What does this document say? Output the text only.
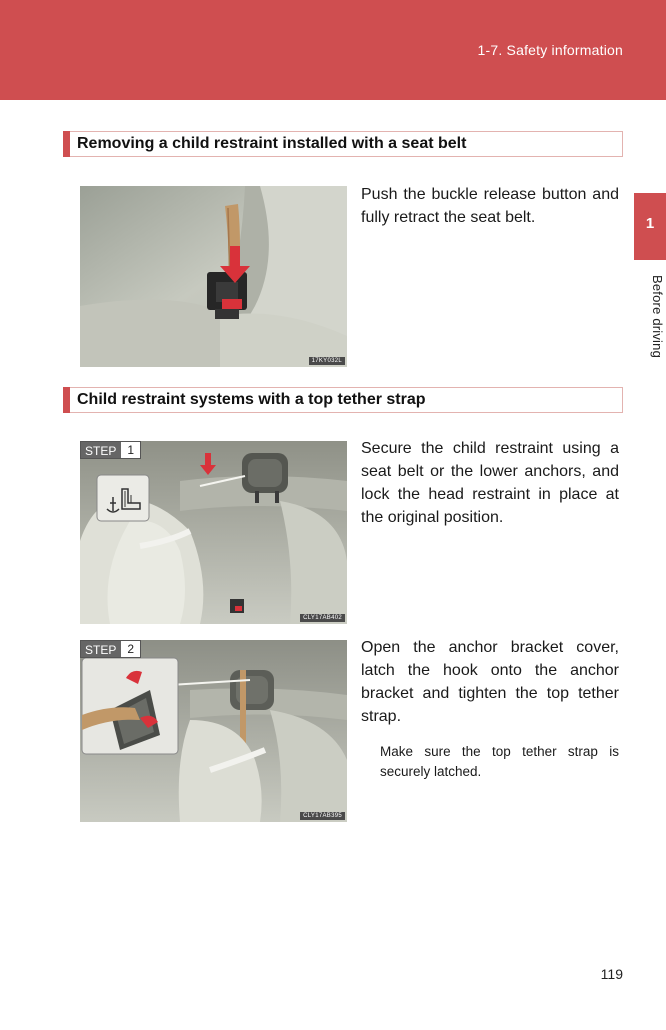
1-7. Safety information
1
Before driving
Removing a child restraint installed with a seat belt
17KY032L
Push the buckle release button and fully retract the seat belt.
Child restraint systems with a top tether strap
STEP 1
CLY17AB402
Secure the child restraint using a seat belt or the lower anchors, and lock the head restraint in place at the original position.
STEP 2
CLY17AB395
Open the anchor bracket cover, latch the hook onto the anchor bracket and tighten the top tether strap.
Make sure the top tether strap is securely latched.
119
